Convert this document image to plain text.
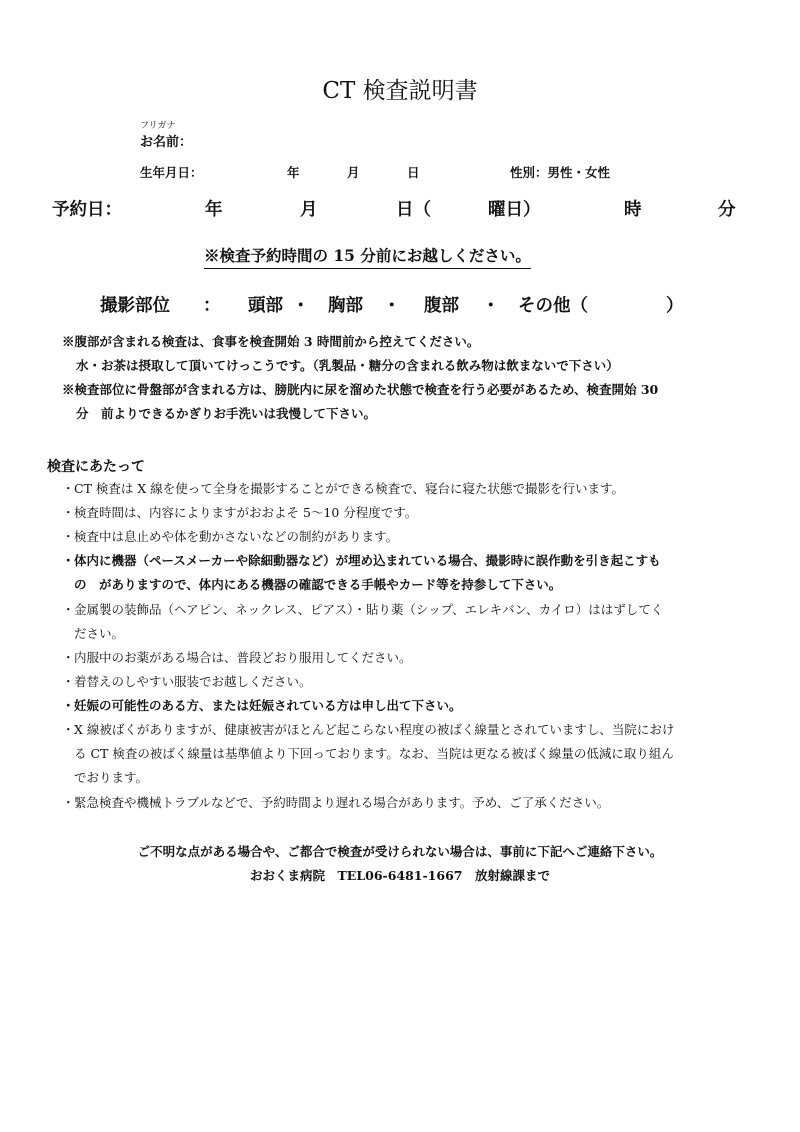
CT 検査説明書
フリガナ
お名前：
生年月日：	年	月	日	性別：男性・女性
予約日：	年	月	日（	曜日）	時	分
※検査予約時間の 15 分前にお越しください。
撮影部位 ： 頭部 ・ 胸部 ・ 腹部 ・ その他（	）
※腹部が含まれる検査は、食事を検査開始 3 時間前から控えてください。
水・お茶は摂取して頂いてけっこうです。（乳製品・糖分の含まれる飲み物は飲まないで下さい）
※検査部位に骨盤部が含まれる方は、膀胱内に尿を溜めた状態で検査を行う必要があるため、検査開始 30
分　前よりできるかぎりお手洗いは我慢して下さい。
検査にあたって
・ CT 検査は X 線を使って全身を撮影することができる検査で、寝台に寝た状態で撮影を行います。
・ 検査時間は、内容によりますがおおよそ 5〜10 分程度です。
・ 検査中は息止めや体を動かさないなどの制約があります。
・ 体内に機器（ペースメーカーや除細動器など）が埋め込まれている場合、撮影時に誤作動を引き起こすも
の　がありますので、体内にある機器の確認できる手帳やカード等を持参して下さい。
・ 金属製の装飾品（ヘアピン、ネックレス、ピアス）・貼り薬（シップ、エレキバン、カイロ）ははずしてく
ださい。
・ 内服中のお薬がある場合は、普段どおり服用してください。
・ 着替えのしやすい服装でお越しください。
・ 妊娠の可能性のある方、または妊娠されている方は申し出て下さい。
・ X 線被ばくがありますが、健康被害がほとんど起こらない程度の被ばく線量とされていますし、当院におけ
る CT 検査の被ばく線量は基準値より下回っております。なお、当院は更なる被ばく線量の低減に取り組ん
でおります。
・ 緊急検査や機械トラブルなどで、予約時間より遅れる場合があります。予め、ご了承ください。
ご不明な点がある場合や、ご都合で検査が受けられない場合は、事前に下記へご連絡下さい。
おおくま病院　TEL06-6481-1667　放射線課まで
